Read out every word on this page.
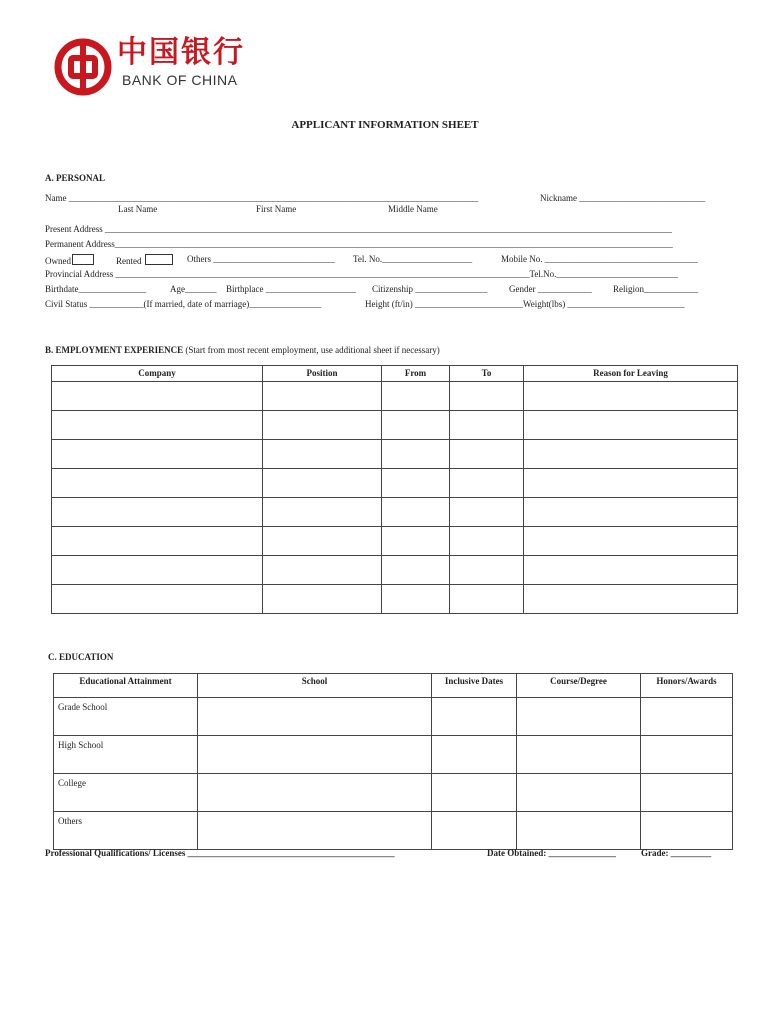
中国银行
BANK OF CHINA
APPLICANT INFORMATION SHEET
A. PERSONAL
Name ___________________________________________________________________________________________	Nickname ____________________________
Last Name	First Name	Middle Name
Present Address ______________________________________________________________________________________________________________________________
Permanent Address____________________________________________________________________________________________________________________________
Owned	Rented	Others ___________________________ Tel. No.____________________	Mobile No. __________________________________
Provincial Address ____________________________________________________________________________________________Tel.No.___________________________
Birthdate_______________	Age_______ Birthplace ____________________ Citizenship ________________ Gender ____________ Religion____________
Civil Status ____________(If married, date of marriage)________________	Height (ft/in) ________________________Weight(lbs) __________________________
B. EMPLOYMENT EXPERIENCE (Start from most recent employment, use additional sheet if necessary)
Company	Position	From	To	Reason for Leaving

C. EDUCATION
Educational Attainment	School	Inclusive Dates	Course/Degree	Honors/Awards
Grade School				
High School				
College				
Others				
Professional Qualifications/ Licenses ______________________________________________	Date Obtained: _______________	Grade: _________
